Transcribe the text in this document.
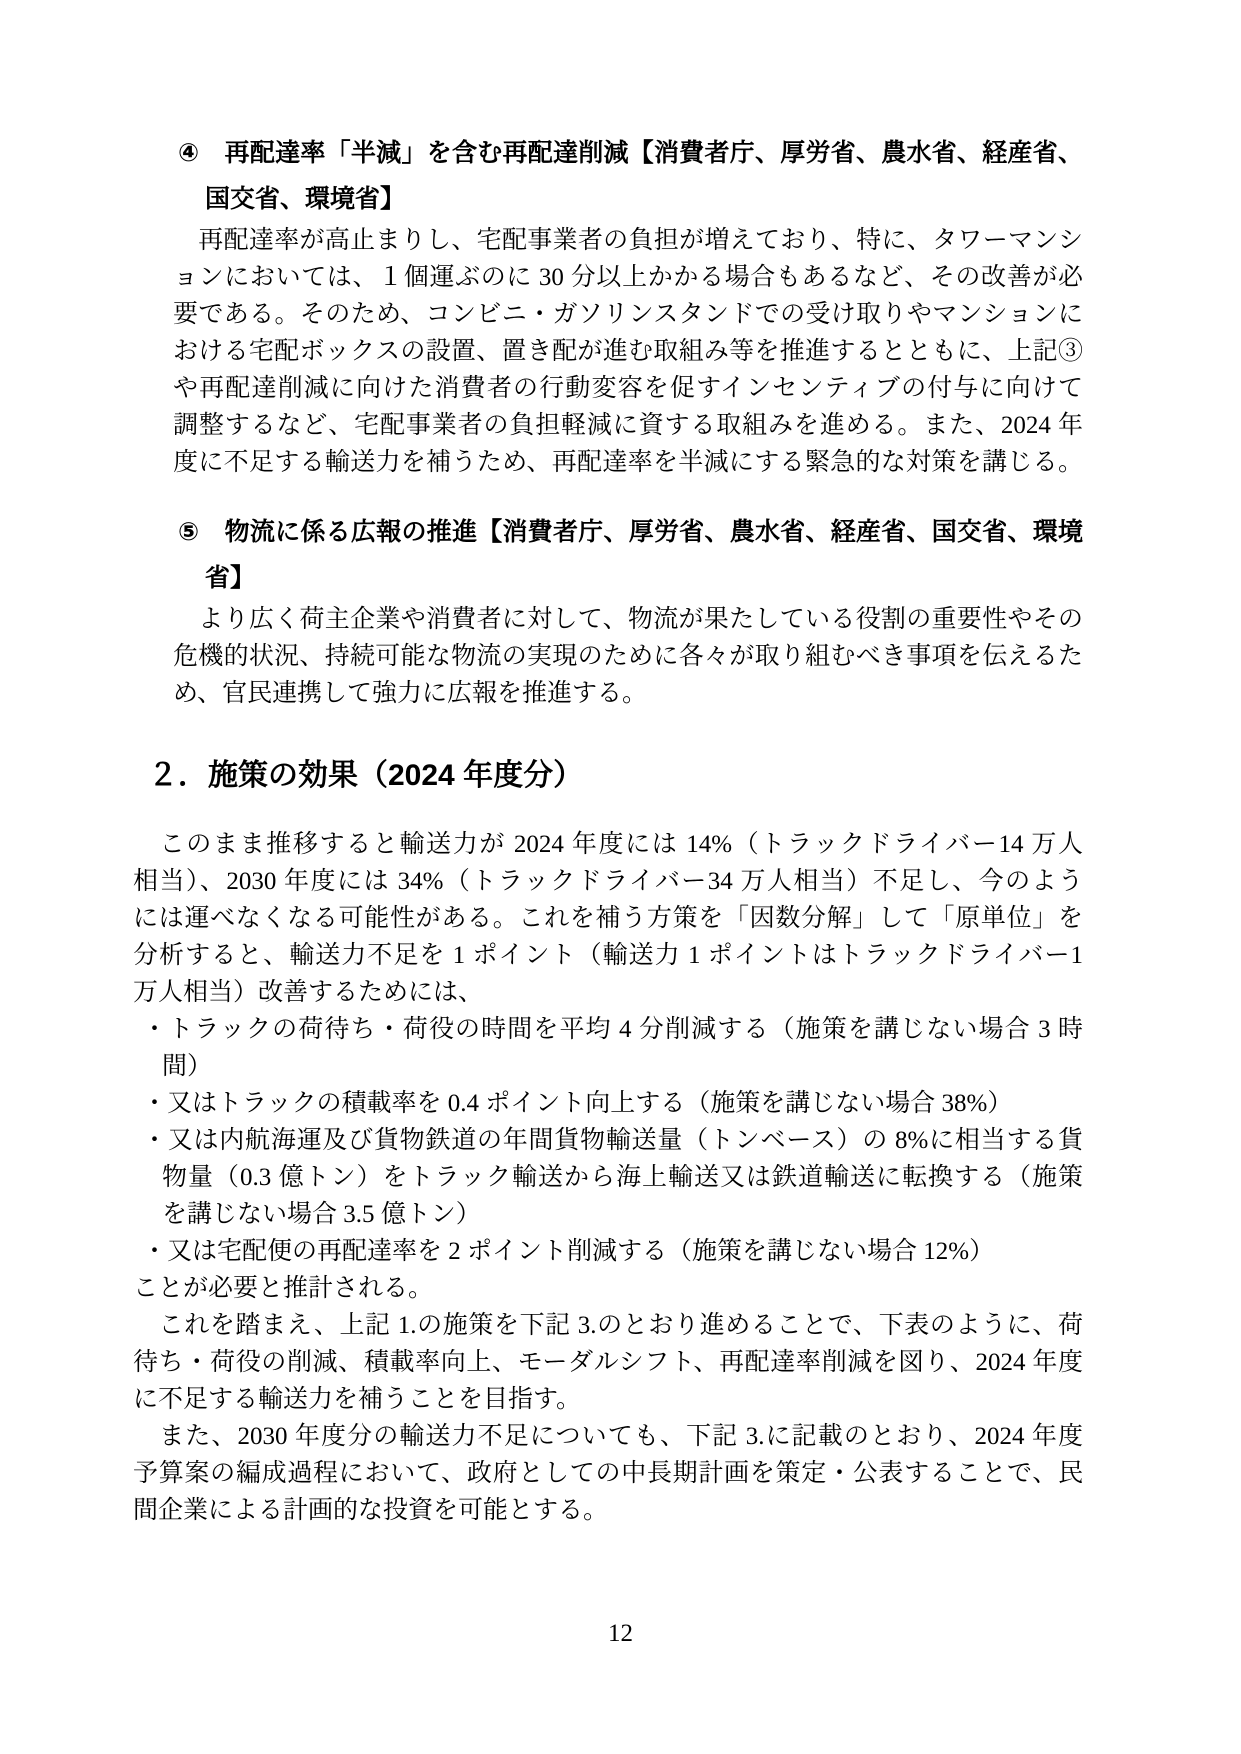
④　再配達率「半減」を含む再配達削減【消費者庁、厚労省、農水省、経産省、
国交省、環境省】
　再配達率が高止まりし、宅配事業者の負担が増えており、特に、タワーマンシ
ョンにおいては、１個運ぶのに 30 分以上かかる場合もあるなど、その改善が必
要である。そのため、コンビニ・ガソリンスタンドでの受け取りやマンションに
おける宅配ボックスの設置、置き配が進む取組み等を推進するとともに、上記③
や再配達削減に向けた消費者の行動変容を促すインセンティブの付与に向けて
調整するなど、宅配事業者の負担軽減に資する取組みを進める。また、2024 年
度に不足する輸送力を補うため、再配達率を半減にする緊急的な対策を講じる。
⑤　物流に係る広報の推進【消費者庁、厚労省、農水省、経産省、国交省、環境
省】
　より広く荷主企業や消費者に対して、物流が果たしている役割の重要性やその
危機的状況、持続可能な物流の実現のために各々が取り組むべき事項を伝えるた
め、官民連携して強力に広報を推進する。
２．施策の効果（2024 年度分）
　このまま推移すると輸送力が 2024 年度には 14%（トラックドライバー14 万人
相当）、2030 年度には 34%（トラックドライバー34 万人相当）不足し、今のよう
には運べなくなる可能性がある。これを補う方策を「因数分解」して「原単位」を
分析すると、輸送力不足を 1 ポイント（輸送力 1 ポイントはトラックドライバー1
万人相当）改善するためには、
・トラックの荷待ち・荷役の時間を平均 4 分削減する（施策を講じない場合 3 時
間）
・又はトラックの積載率を 0.4 ポイント向上する（施策を講じない場合 38%）
・又は内航海運及び貨物鉄道の年間貨物輸送量（トンベース）の 8%に相当する貨
物量（0.3 億トン）をトラック輸送から海上輸送又は鉄道輸送に転換する（施策
を講じない場合 3.5 億トン）
・又は宅配便の再配達率を 2 ポイント削減する（施策を講じない場合 12%）
ことが必要と推計される。
　これを踏まえ、上記 1.の施策を下記 3.のとおり進めることで、下表のように、荷
待ち・荷役の削減、積載率向上、モーダルシフト、再配達率削減を図り、2024 年度
に不足する輸送力を補うことを目指す。
　また、2030 年度分の輸送力不足についても、下記 3.に記載のとおり、2024 年度
予算案の編成過程において、政府としての中長期計画を策定・公表することで、民
間企業による計画的な投資を可能とする。
12
